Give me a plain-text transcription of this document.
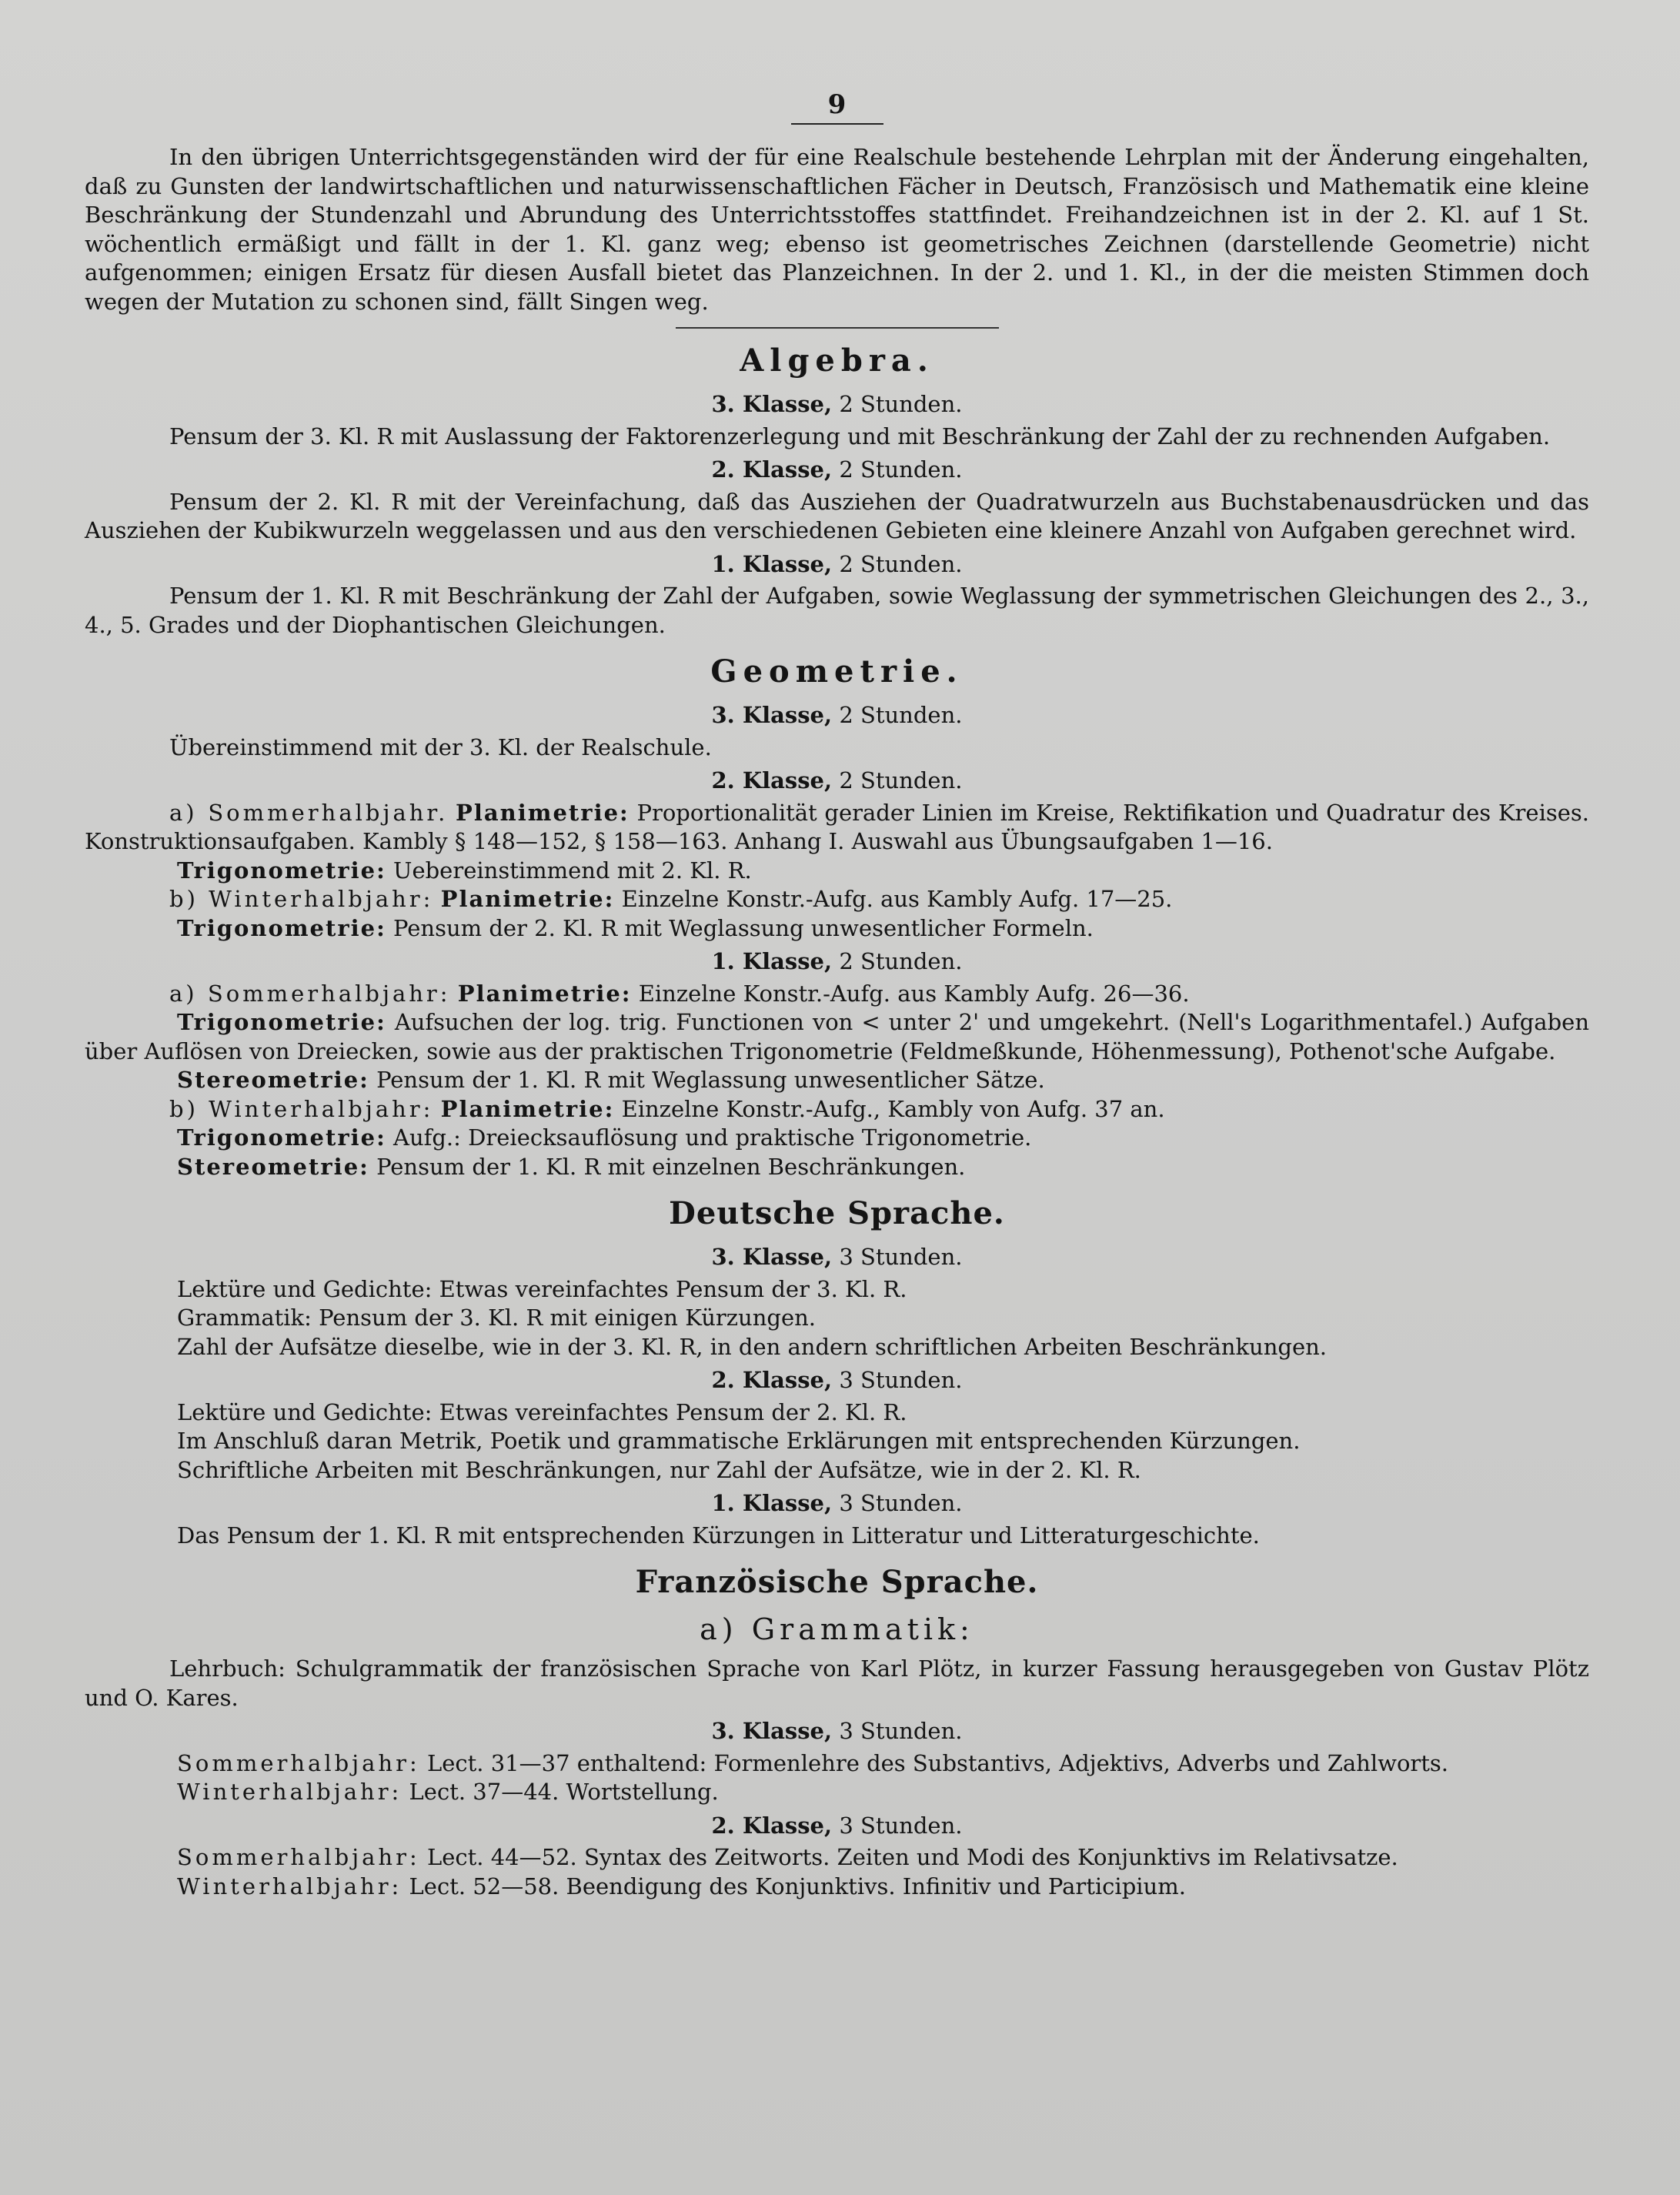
9
In den übrigen Unterrichtsgegenständen wird der für eine Realschule bestehende Lehrplan mit der Änderung eingehalten, daß zu Gunsten der landwirtschaftlichen und naturwissenschaftlichen Fächer in Deutsch, Französisch und Mathematik eine kleine Beschränkung der Stundenzahl und Abrundung des Unterrichtsstoffes stattfindet. Freihandzeichnen ist in der 2. Kl. auf 1 St. wöchentlich ermäßigt und fällt in der 1. Kl. ganz weg; ebenso ist geometrisches Zeichnen (darstellende Geometrie) nicht aufgenommen; einigen Ersatz für diesen Ausfall bietet das Planzeichnen. In der 2. und 1. Kl., in der die meisten Stimmen doch wegen der Mutation zu schonen sind, fällt Singen weg.
Algebra.
3. Klasse, 2 Stunden.
Pensum der 3. Kl. R mit Auslassung der Faktorenzerlegung und mit Beschränkung der Zahl der zu rechnenden Aufgaben.
2. Klasse, 2 Stunden.
Pensum der 2. Kl. R mit der Vereinfachung, daß das Ausziehen der Quadratwurzeln aus Buchstabenausdrücken und das Ausziehen der Kubikwurzeln weggelassen und aus den verschiedenen Gebieten eine kleinere Anzahl von Aufgaben gerechnet wird.
1. Klasse, 2 Stunden.
Pensum der 1. Kl. R mit Beschränkung der Zahl der Aufgaben, sowie Weglassung der symmetrischen Gleichungen des 2., 3., 4., 5. Grades und der Diophantischen Gleichungen.
Geometrie.
3. Klasse, 2 Stunden.
Übereinstimmend mit der 3. Kl. der Realschule.
2. Klasse, 2 Stunden.
a) Sommerhalbjahr. Planimetrie: Proportionalität gerader Linien im Kreise, Rektifikation und Quadratur des Kreises. Konstruktionsaufgaben. Kambly § 148—152, § 158—163. Anhang I. Auswahl aus Übungsaufgaben 1—16.
Trigonometrie: Uebereinstimmend mit 2. Kl. R.
b) Winterhalbjahr: Planimetrie: Einzelne Konstr.-Aufg. aus Kambly Aufg. 17—25.
Trigonometrie: Pensum der 2. Kl. R mit Weglassung unwesentlicher Formeln.
1. Klasse, 2 Stunden.
a) Sommerhalbjahr: Planimetrie: Einzelne Konstr.-Aufg. aus Kambly Aufg. 26—36.
Trigonometrie: Aufsuchen der log. trig. Functionen von < unter 2' und umgekehrt. (Nell's Logarithmentafel.) Aufgaben über Auflösen von Dreiecken, sowie aus der praktischen Trigonometrie (Feldmeßkunde, Höhenmessung), Pothenot'sche Aufgabe.
Stereometrie: Pensum der 1. Kl. R mit Weglassung unwesentlicher Sätze.
b) Winterhalbjahr: Planimetrie: Einzelne Konstr.-Aufg., Kambly von Aufg. 37 an.
Trigonometrie: Aufg.: Dreiecksauflösung und praktische Trigonometrie.
Stereometrie: Pensum der 1. Kl. R mit einzelnen Beschränkungen.
Deutsche Sprache.
3. Klasse, 3 Stunden.
Lektüre und Gedichte: Etwas vereinfachtes Pensum der 3. Kl. R.
Grammatik: Pensum der 3. Kl. R mit einigen Kürzungen.
Zahl der Aufsätze dieselbe, wie in der 3. Kl. R, in den andern schriftlichen Arbeiten Beschränkungen.
2. Klasse, 3 Stunden.
Lektüre und Gedichte: Etwas vereinfachtes Pensum der 2. Kl. R.
Im Anschluß daran Metrik, Poetik und grammatische Erklärungen mit entsprechenden Kürzungen.
Schriftliche Arbeiten mit Beschränkungen, nur Zahl der Aufsätze, wie in der 2. Kl. R.
1. Klasse, 3 Stunden.
Das Pensum der 1. Kl. R mit entsprechenden Kürzungen in Litteratur und Litteraturgeschichte.
Französische Sprache.
a) Grammatik:
Lehrbuch: Schulgrammatik der französischen Sprache von Karl Plötz, in kurzer Fassung herausgegeben von Gustav Plötz und O. Kares.
3. Klasse, 3 Stunden.
Sommerhalbjahr: Lect. 31—37 enthaltend: Formenlehre des Substantivs, Adjektivs, Adverbs und Zahlworts.
Winterhalbjahr: Lect. 37—44. Wortstellung.
2. Klasse, 3 Stunden.
Sommerhalbjahr: Lect. 44—52. Syntax des Zeitworts. Zeiten und Modi des Konjunktivs im Relativsatze.
Winterhalbjahr: Lect. 52—58. Beendigung des Konjunktivs. Infinitiv und Participium.
